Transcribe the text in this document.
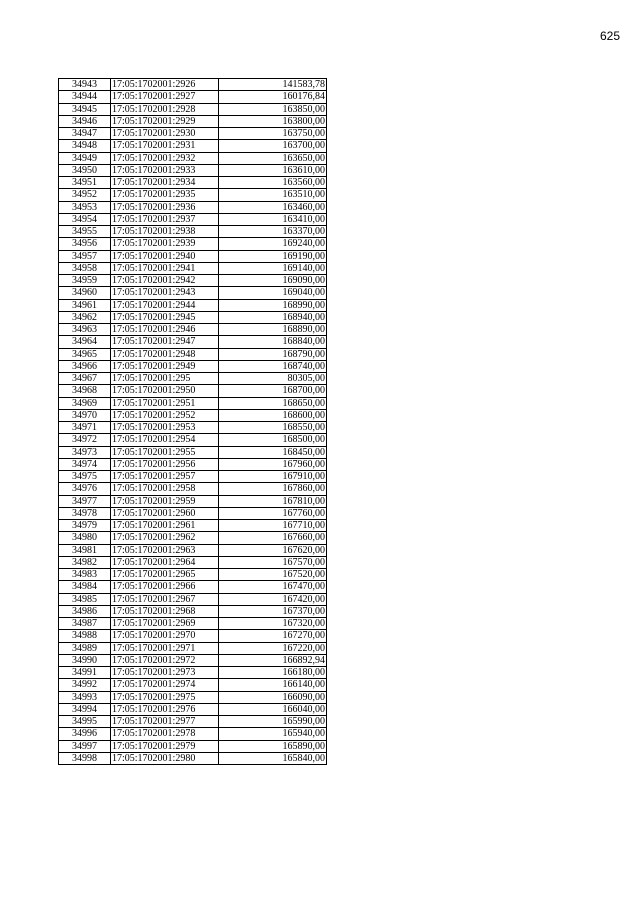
625
34943	17:05:1702001:2926	141583,78
34944	17:05:1702001:2927	160176,84
34945	17:05:1702001:2928	163850,00
34946	17:05:1702001:2929	163800,00
34947	17:05:1702001:2930	163750,00
34948	17:05:1702001:2931	163700,00
34949	17:05:1702001:2932	163650,00
34950	17:05:1702001:2933	163610,00
34951	17:05:1702001:2934	163560,00
34952	17:05:1702001:2935	163510,00
34953	17:05:1702001:2936	163460,00
34954	17:05:1702001:2937	163410,00
34955	17:05:1702001:2938	163370,00
34956	17:05:1702001:2939	169240,00
34957	17:05:1702001:2940	169190,00
34958	17:05:1702001:2941	169140,00
34959	17:05:1702001:2942	169090,00
34960	17:05:1702001:2943	169040,00
34961	17:05:1702001:2944	168990,00
34962	17:05:1702001:2945	168940,00
34963	17:05:1702001:2946	168890,00
34964	17:05:1702001:2947	168840,00
34965	17:05:1702001:2948	168790,00
34966	17:05:1702001:2949	168740,00
34967	17:05:1702001:295	80305,00
34968	17:05:1702001:2950	168700,00
34969	17:05:1702001:2951	168650,00
34970	17:05:1702001:2952	168600,00
34971	17:05:1702001:2953	168550,00
34972	17:05:1702001:2954	168500,00
34973	17:05:1702001:2955	168450,00
34974	17:05:1702001:2956	167960,00
34975	17:05:1702001:2957	167910,00
34976	17:05:1702001:2958	167860,00
34977	17:05:1702001:2959	167810,00
34978	17:05:1702001:2960	167760,00
34979	17:05:1702001:2961	167710,00
34980	17:05:1702001:2962	167660,00
34981	17:05:1702001:2963	167620,00
34982	17:05:1702001:2964	167570,00
34983	17:05:1702001:2965	167520,00
34984	17:05:1702001:2966	167470,00
34985	17:05:1702001:2967	167420,00
34986	17:05:1702001:2968	167370,00
34987	17:05:1702001:2969	167320,00
34988	17:05:1702001:2970	167270,00
34989	17:05:1702001:2971	167220,00
34990	17:05:1702001:2972	166892,94
34991	17:05:1702001:2973	166180,00
34992	17:05:1702001:2974	166140,00
34993	17:05:1702001:2975	166090,00
34994	17:05:1702001:2976	166040,00
34995	17:05:1702001:2977	165990,00
34996	17:05:1702001:2978	165940,00
34997	17:05:1702001:2979	165890,00
34998	17:05:1702001:2980	165840,00
